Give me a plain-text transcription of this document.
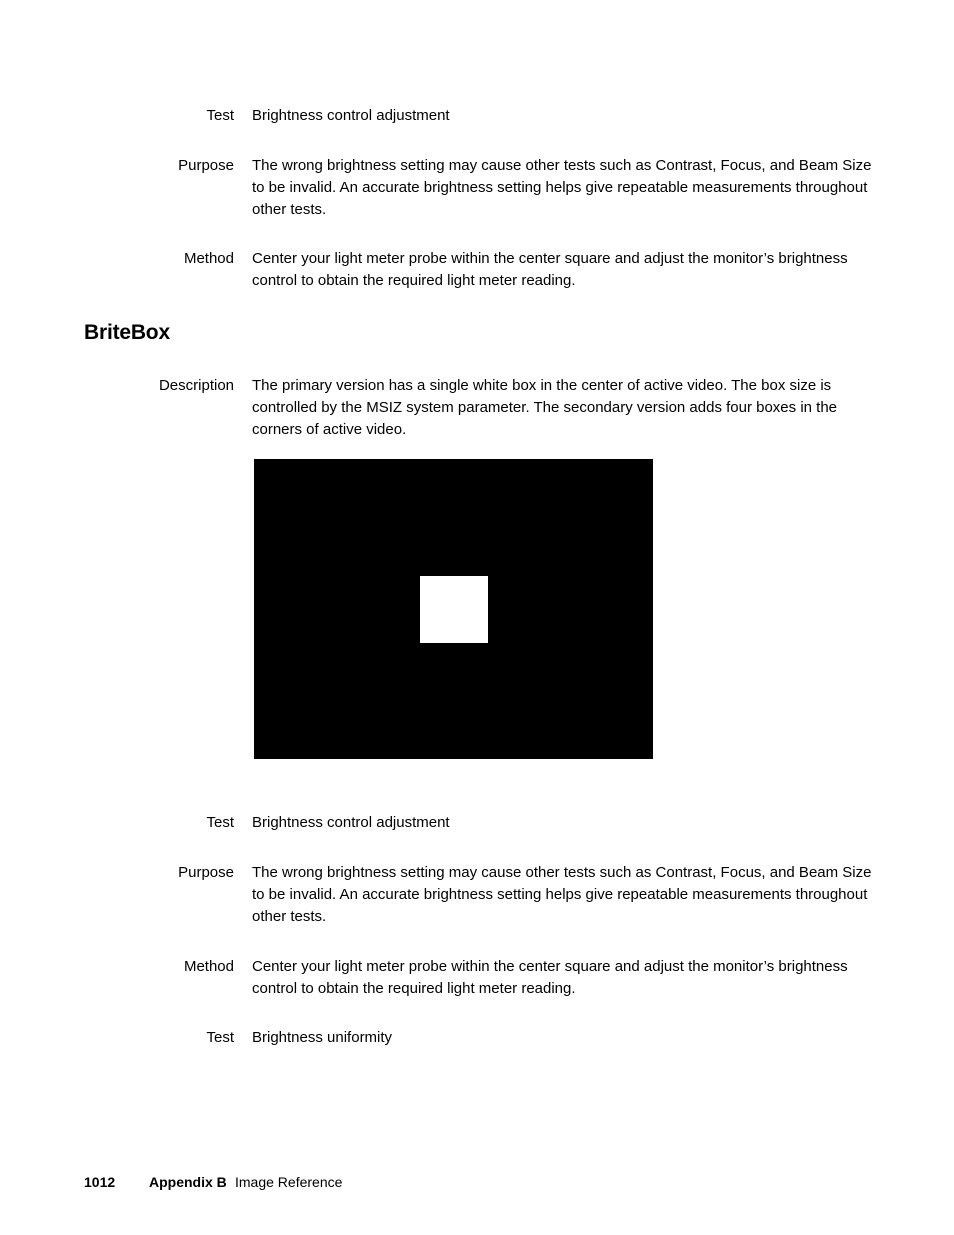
Test Brightness control adjustment
Purpose The wrong brightness setting may cause other tests such as Contrast, Focus, and Beam Size to be invalid. An accurate brightness setting helps give repeatable measurements throughout other tests.
Method Center your light meter probe within the center square and adjust the monitor’s brightness control to obtain the required light meter reading.
BriteBox
Description The primary version has a single white box in the center of active video. The box size is controlled by the MSIZ system parameter. The secondary version adds four boxes in the corners of active video.
Test Brightness control adjustment
Purpose The wrong brightness setting may cause other tests such as Contrast, Focus, and Beam Size to be invalid. An accurate brightness setting helps give repeatable measurements throughout other tests.
Method Center your light meter probe within the center square and adjust the monitor’s brightness control to obtain the required light meter reading.
Test Brightness uniformity
1012 Appendix B Image Reference
